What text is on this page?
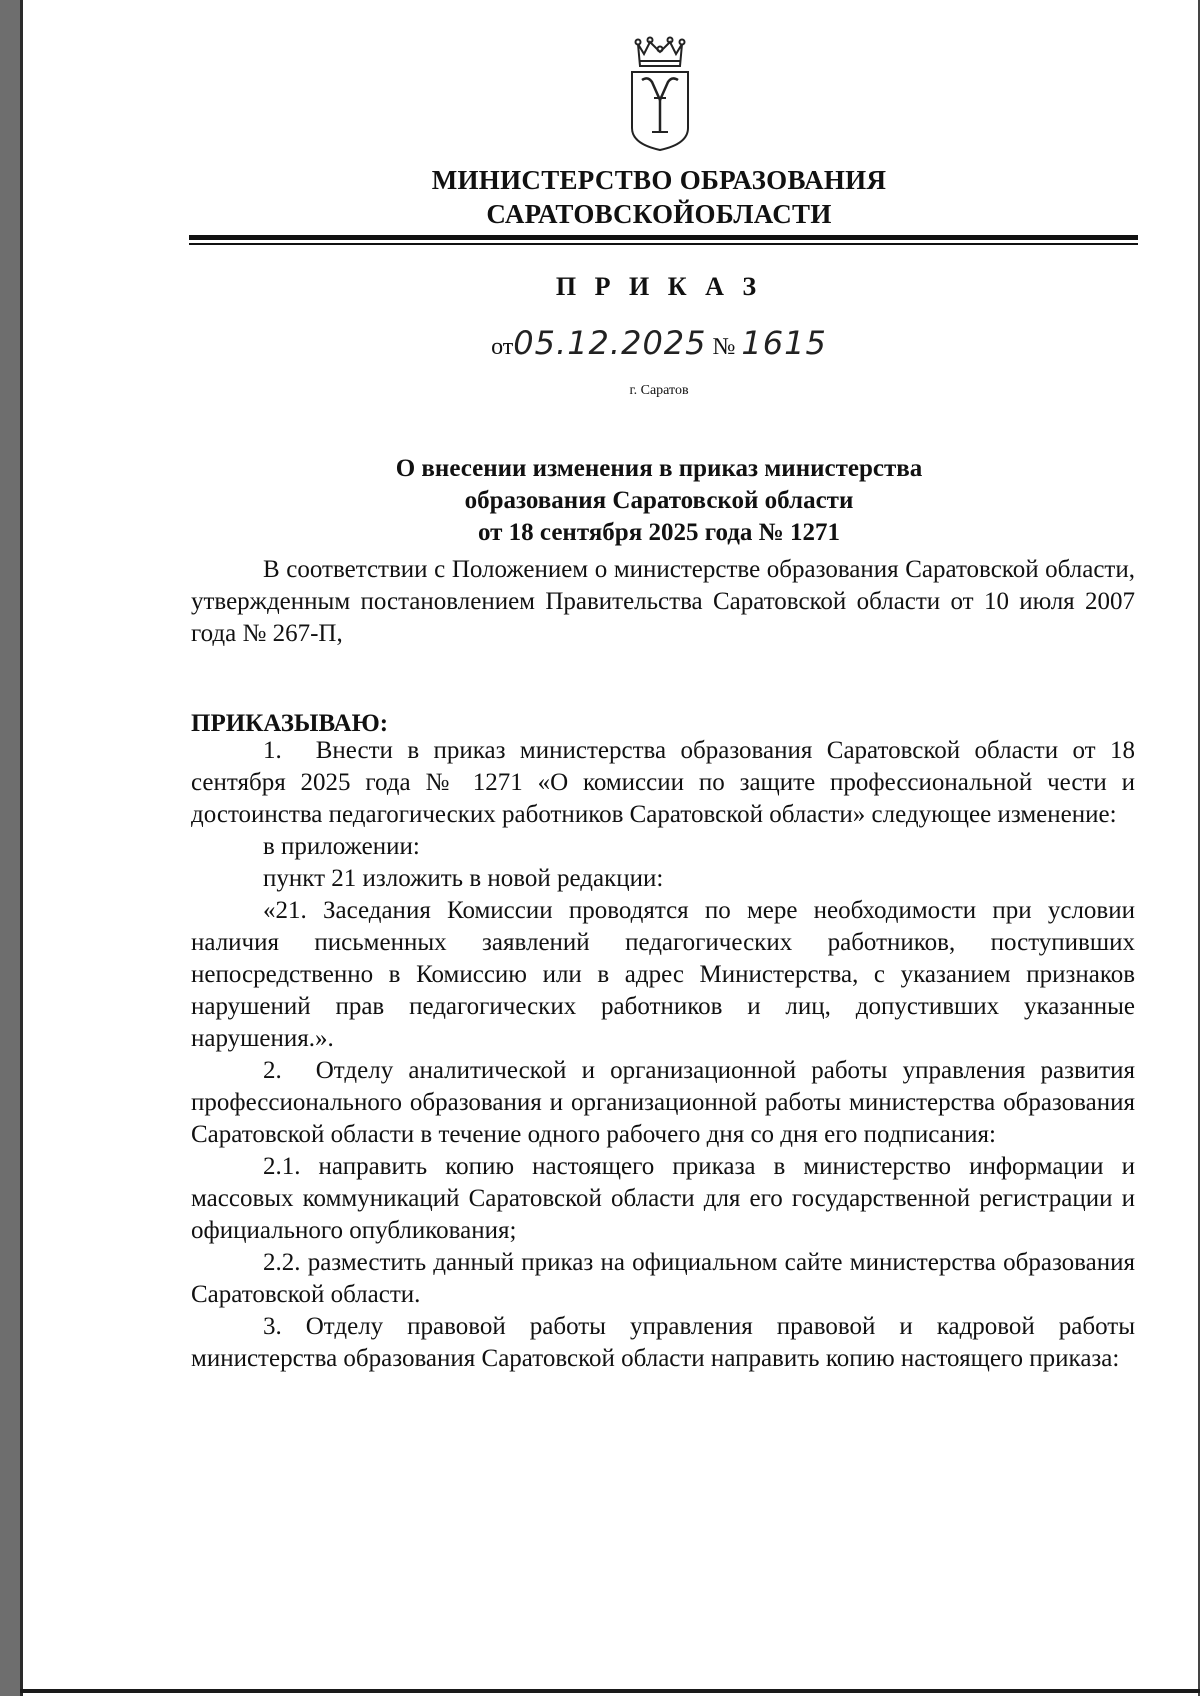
МИНИСТЕРСТВО ОБРАЗОВАНИЯ
САРАТОВСКОЙОБЛАСТИ
П Р И К А З
от05.12.2025 № 1615
г. Саратов
О внесении изменения в приказ министерства
образования Саратовской области
от 18 сентября 2025 года № 1271

В соответствии с Положением о министерстве образования Саратовской области, утвержденным постановлением Правительства Саратовской области от 10 июля 2007 года № 267-П,

ПРИКАЗЫВАЮ:

1. Внести в приказ министерства образования Саратовской области от 18 сентября 2025 года № 1271 «О комиссии по защите профессиональной чести и достоинства педагогических работников Саратовской области» следующее изменение:

в приложении:

пункт 21 изложить в новой редакции:

«21. Заседания Комиссии проводятся по мере необходимости при условии наличия письменных заявлений педагогических работников, поступивших непосредственно в Комиссию или в адрес Министерства, с указанием признаков нарушений прав педагогических работников и лиц, допустивших указанные нарушения.».

2. Отделу аналитической и организационной работы управления развития профессионального образования и организационной работы министерства образования Саратовской области в течение одного рабочего дня со дня его подписания:

2.1. направить копию настоящего приказа в министерство информации и массовых коммуникаций Саратовской области для его государственной регистрации и официального опубликования;

2.2. разместить данный приказ на официальном сайте министерства образования Саратовской области.

3. Отделу правовой работы управления правовой и кадровой работы министерства образования Саратовской области направить копию настоящего приказа:
